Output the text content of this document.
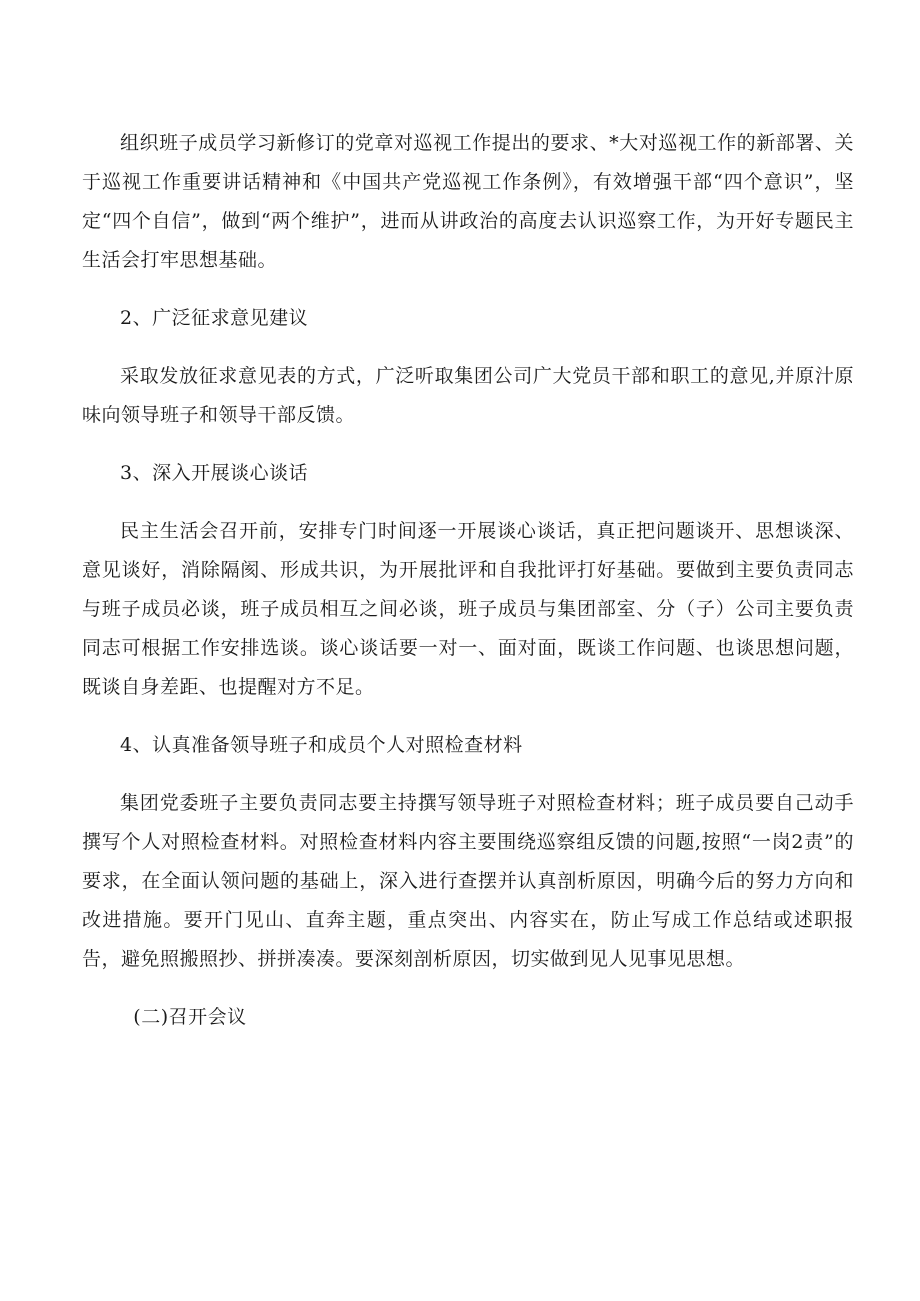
组织班子成员学习新修订的党章对巡视工作提出的要求、*大对巡视工作的新部署、关于巡视工作重要讲话精神和《中国共产党巡视工作条例》，有效增强干部“四个意识”，坚定“四个自信”，做到“两个维护”，进而从讲政治的高度去认识巡察工作，为开好专题民主生活会打牢思想基础。

2、广泛征求意见建议

采取发放征求意见表的方式，广泛听取集团公司广大党员干部和职工的意见,并原汁原味向领导班子和领导干部反馈。

3、深入开展谈心谈话

民主生活会召开前，安排专门时间逐一开展谈心谈话，真正把问题谈开、思想谈深、意见谈好，消除隔阂、形成共识，为开展批评和自我批评打好基础。要做到主要负责同志与班子成员必谈，班子成员相互之间必谈，班子成员与集团部室、分（子）公司主要负责同志可根据工作安排选谈。谈心谈话要一对一、面对面，既谈工作问题、也谈思想问题，既谈自身差距、也提醒对方不足。

4、认真准备领导班子和成员个人对照检查材料

集团党委班子主要负责同志要主持撰写领导班子对照检查材料；班子成员要自己动手撰写个人对照检查材料。对照检查材料内容主要围绕巡察组反馈的问题,按照“一岗2责”的要求，在全面认领问题的基础上，深入进行查摆并认真剖析原因，明确今后的努力方向和改进措施。要开门见山、直奔主题，重点突出、内容实在，防止写成工作总结或述职报告，避免照搬照抄、拼拼凑凑。要深刻剖析原因，切实做到见人见事见思想。

(二)召开会议
